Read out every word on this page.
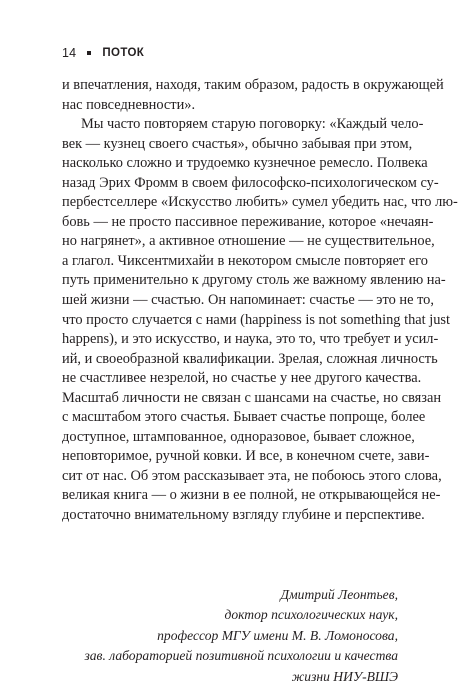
14 ПОТОК
и впечатления, находя, таким образом, радость в окружающей
нас повседневности».
Мы часто повторяем старую поговорку: «Каждый чело-
век — кузнец своего счастья», обычно забывая при этом,
насколько сложно и трудоемко кузнечное ремесло. Полвека
назад Эрих Фромм в своем философско-психологическом су-
пербестселлере «Искусство любить» сумел убедить нас, что лю-
бовь — не просто пассивное переживание, которое «нечаян-
но нагрянет», а активное отношение — не существительное,
а глагол. Чиксентмихайи в некотором смысле повторяет его
путь применительно к другому столь же важному явлению на-
шей жизни — счастью. Он напоминает: счастье — это не то,
что просто случается с нами (happiness is not something that just
happens), и это искусство, и наука, это то, что требует и усил-
ий, и своеобразной квалификации. Зрелая, сложная личность
не счастливее незрелой, но счастье у нее другого качества.
Масштаб личности не связан с шансами на счастье, но связан
с масштабом этого счастья. Бывает счастье попроще, более
доступное, штампованное, одноразовое, бывает сложное,
неповторимое, ручной ковки. И все, в конечном счете, зави-
сит от нас. Об этом рассказывает эта, не побоюсь этого слова,
великая книга — о жизни в ее полной, не открывающейся не-
достаточно внимательному взгляду глубине и перспективе.
Дмитрий Леонтьев,
доктор психологических наук,
профессор МГУ имени М. В. Ломоносова,
зав. лабораторией позитивной психологии и качества
жизни НИУ-ВШЭ
